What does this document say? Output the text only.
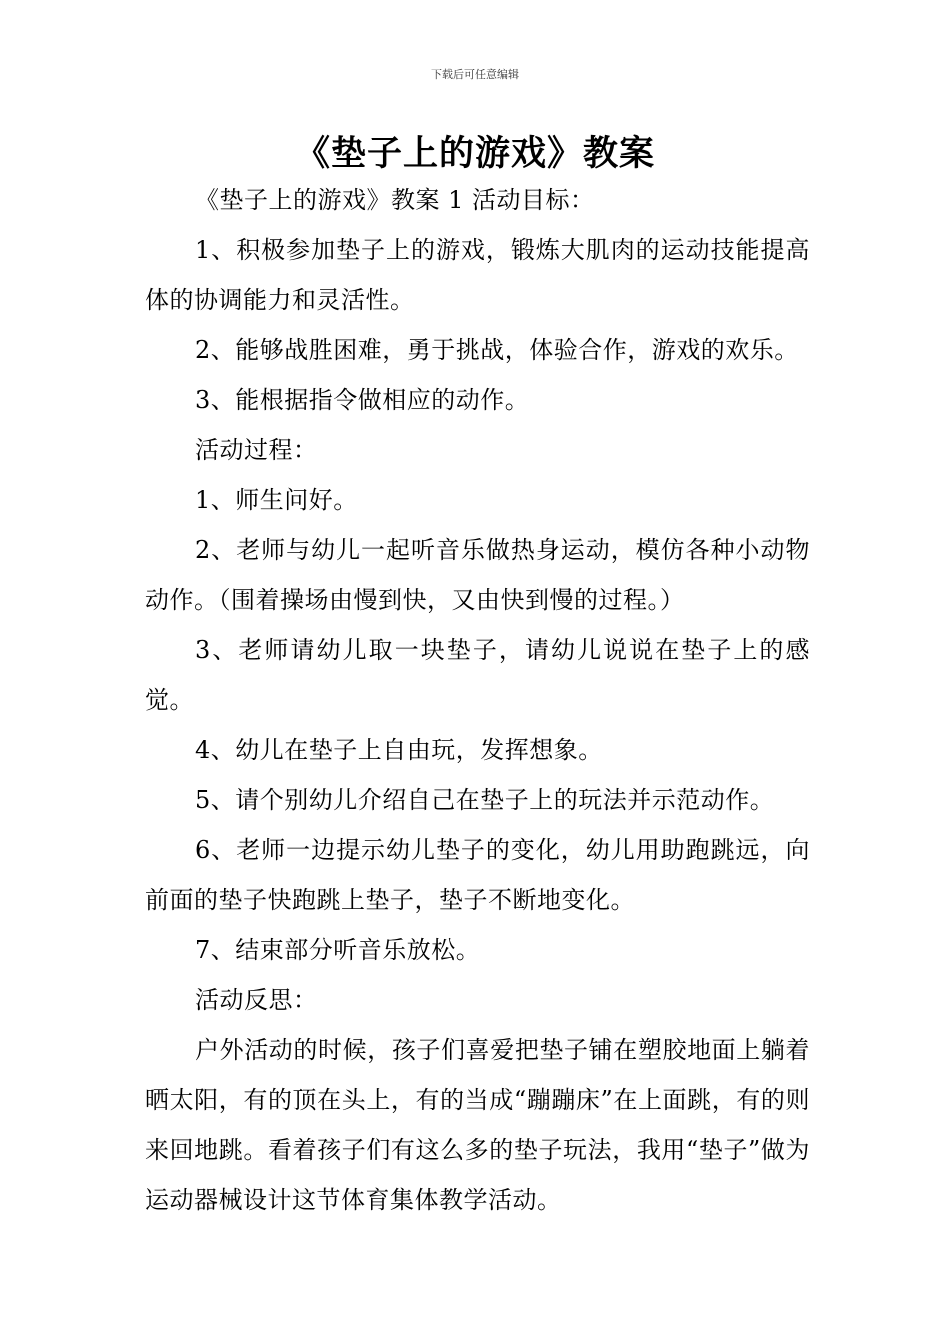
下载后可任意编辑
《垫子上的游戏》教案

《垫子上的游戏》教案 1 活动目标：

1、积极参加垫子上的游戏，锻炼大肌肉的运动技能提高体的协调能力和灵活性。

2、能够战胜困难，勇于挑战，体验合作，游戏的欢乐。

3、能根据指令做相应的动作。

活动过程：

1、师生问好。

2、老师与幼儿一起听音乐做热身运动，模仿各种小动物动作。（围着操场由慢到快，又由快到慢的过程。）

3、老师请幼儿取一块垫子，请幼儿说说在垫子上的感觉。

4、幼儿在垫子上自由玩，发挥想象。

5、请个别幼儿介绍自己在垫子上的玩法并示范动作。

6、老师一边提示幼儿垫子的变化，幼儿用助跑跳远，向前面的垫子快跑跳上垫子，垫子不断地变化。

7、结束部分听音乐放松。

活动反思：

户外活动的时候，孩子们喜爱把垫子铺在塑胶地面上躺着晒太阳，有的顶在头上，有的当成“蹦蹦床”在上面跳，有的则来回地跳。看着孩子们有这么多的垫子玩法，我用“垫子”做为运动器械设计这节体育集体教学活动。
